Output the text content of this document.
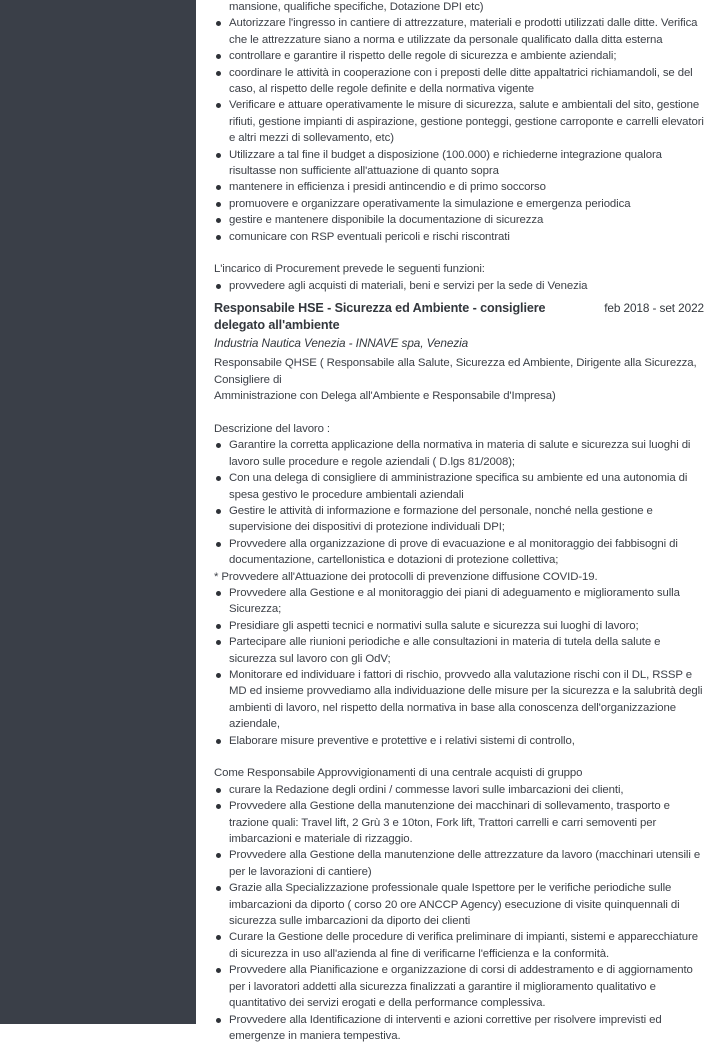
mansione, qualifiche specifiche, Dotazione DPI etc)
Autorizzare l'ingresso in cantiere di attrezzature, materiali e prodotti utilizzati dalle ditte. Verifica che le attrezzature siano a norma e utilizzate da personale qualificato dalla ditta esterna
controllare e garantire il rispetto delle regole di sicurezza e ambiente aziendali;
coordinare le attività in cooperazione con i preposti delle ditte appaltatrici richiamandoli, se del caso, al rispetto delle regole definite e della normativa vigente
Verificare e attuare operativamente le misure di sicurezza, salute e ambientali del sito, gestione rifiuti, gestione impianti di aspirazione, gestione ponteggi, gestione carroponte e carrelli elevatori e altri mezzi di sollevamento, etc)
Utilizzare a tal fine il budget a disposizione (100.000) e richiederne integrazione qualora risultasse non sufficiente all'attuazione di quanto sopra
mantenere in efficienza i presidi antincendio e di primo soccorso
promuovere e organizzare operativamente la simulazione e emergenza periodica
gestire e mantenere disponibile la documentazione di sicurezza
comunicare con RSP eventuali pericoli e rischi riscontrati

L'incarico di Procurement prevede le seguenti funzioni:

provvedere agli acquisti di materiali, beni e servizi per la sede di Venezia
Responsabile HSE - Sicurezza ed Ambiente - consigliere delegato all'ambiente
feb 2018 - set 2022
Industria Nautica Venezia - INNAVE spa, Venezia

Responsabile QHSE ( Responsabile alla Salute, Sicurezza ed Ambiente, Dirigente alla Sicurezza, Consigliere di

Amministrazione con Delega all'Ambiente e Responsabile d'Impresa)

Descrizione del lavoro :

Garantire la corretta applicazione della normativa in materia di salute e sicurezza sui luoghi di lavoro sulle procedure e regole aziendali ( D.lgs 81/2008);
Con una delega di consigliere di amministrazione specifica su ambiente ed una autonomia di spesa gestivo le procedure ambientali aziendali
Gestire le attività di informazione e formazione del personale, nonché nella gestione e supervisione dei dispositivi di protezione individuali DPI;
Provvedere alla organizzazione di prove di evacuazione e al monitoraggio dei fabbisogni di documentazione, cartellonistica e dotazioni di protezione collettiva;

* Provvedere all'Attuazione dei protocolli di prevenzione diffusione COVID-19.

Provvedere alla Gestione e al monitoraggio dei piani di adeguamento e miglioramento sulla Sicurezza;
Presidiare gli aspetti tecnici e normativi sulla salute e sicurezza sui luoghi di lavoro;
Partecipare alle riunioni periodiche e alle consultazioni in materia di tutela della salute e sicurezza sul lavoro con gli OdV;
Monitorare ed individuare i fattori di rischio, provvedo alla valutazione rischi con il DL, RSSP e MD ed insieme provvediamo alla individuazione delle misure per la sicurezza e la salubrità degli ambienti di lavoro, nel rispetto della normativa in base alla conoscenza dell'organizzazione aziendale,
Elaborare misure preventive e protettive e i relativi sistemi di controllo,

Come Responsabile Approvvigionamenti di una centrale acquisti di gruppo

curare la Redazione degli ordini / commesse lavori sulle imbarcazioni dei clienti,
Provvedere alla Gestione della manutenzione dei macchinari di sollevamento, trasporto e trazione quali: Travel lift, 2 Grù 3 e 10ton, Fork lift, Trattori carrelli e carri semoventi per imbarcazioni e materiale di rizzaggio.
Provvedere alla Gestione della manutenzione delle attrezzature da lavoro (macchinari utensili e per le lavorazioni di cantiere)
Grazie alla Specializzazione professionale quale Ispettore per le verifiche periodiche sulle imbarcazioni da diporto ( corso 20 ore ANCCP Agency) esecuzione di visite quinquennali di sicurezza sulle imbarcazioni da diporto dei clienti
Curare la Gestione delle procedure di verifica preliminare di impianti, sistemi e apparecchiature di sicurezza in uso all'azienda al fine di verificarne l'efficienza e la conformità.
Provvedere alla Pianificazione e organizzazione di corsi di addestramento e di aggiornamento per i lavoratori addetti alla sicurezza finalizzati a garantire il miglioramento qualitativo e quantitativo dei servizi erogati e della performance complessiva.
Provvedere alla Identificazione di interventi e azioni correttive per risolvere imprevisti ed emergenze in maniera tempestiva.
